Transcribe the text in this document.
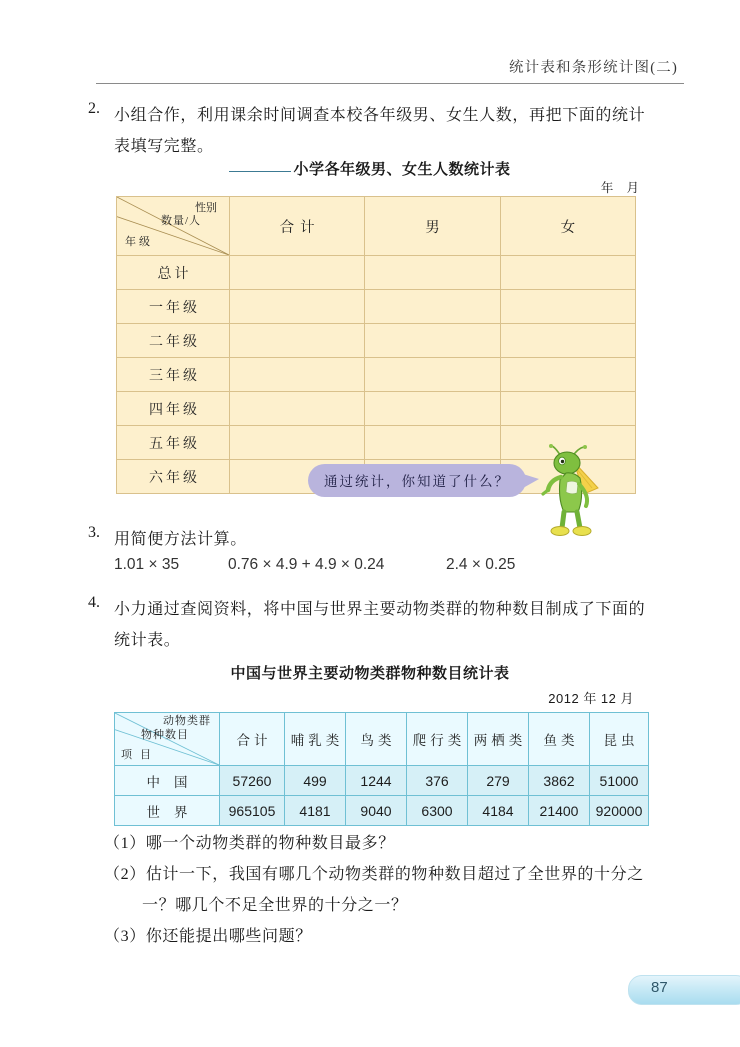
统计表和条形统计图(二)
2. 小组合作，利用课余时间调查本校各年级男、女生人数，再把下面的统计表填写完整。
小学各年级男、女生人数统计表
年 月
性别
数量/人
年级	合计	男	女
总计			
一年级			
二年级			
三年级			
四年级			
五年级			
六年级				通过统计，你知道了什么？
3. 用简便方法计算。
1.01 × 35	0.76 × 4.9 + 4.9 × 0.24	2.4 × 0.25
4. 小力通过查阅资料，将中国与世界主要动物类群的物种数目制成了下面的统计表。
中国与世界主要动物类群物种数目统计表
2012 年 12 月
动物类群
物种数目
项目	合计	哺乳类	鸟类	爬行类	两栖类	鱼类	昆虫
中国	57260	499	1244	376	279	3862	51000
世界	965105	4181	9040	6300	4184	21400	920000
（1） 哪一个动物类群的物种数目最多？
（2） 估计一下，我国有哪几个动物类群的物种数目超过了全世界的十分之一？哪几个不足全世界的十分之一？
（3） 你还能提出哪些问题？
87
